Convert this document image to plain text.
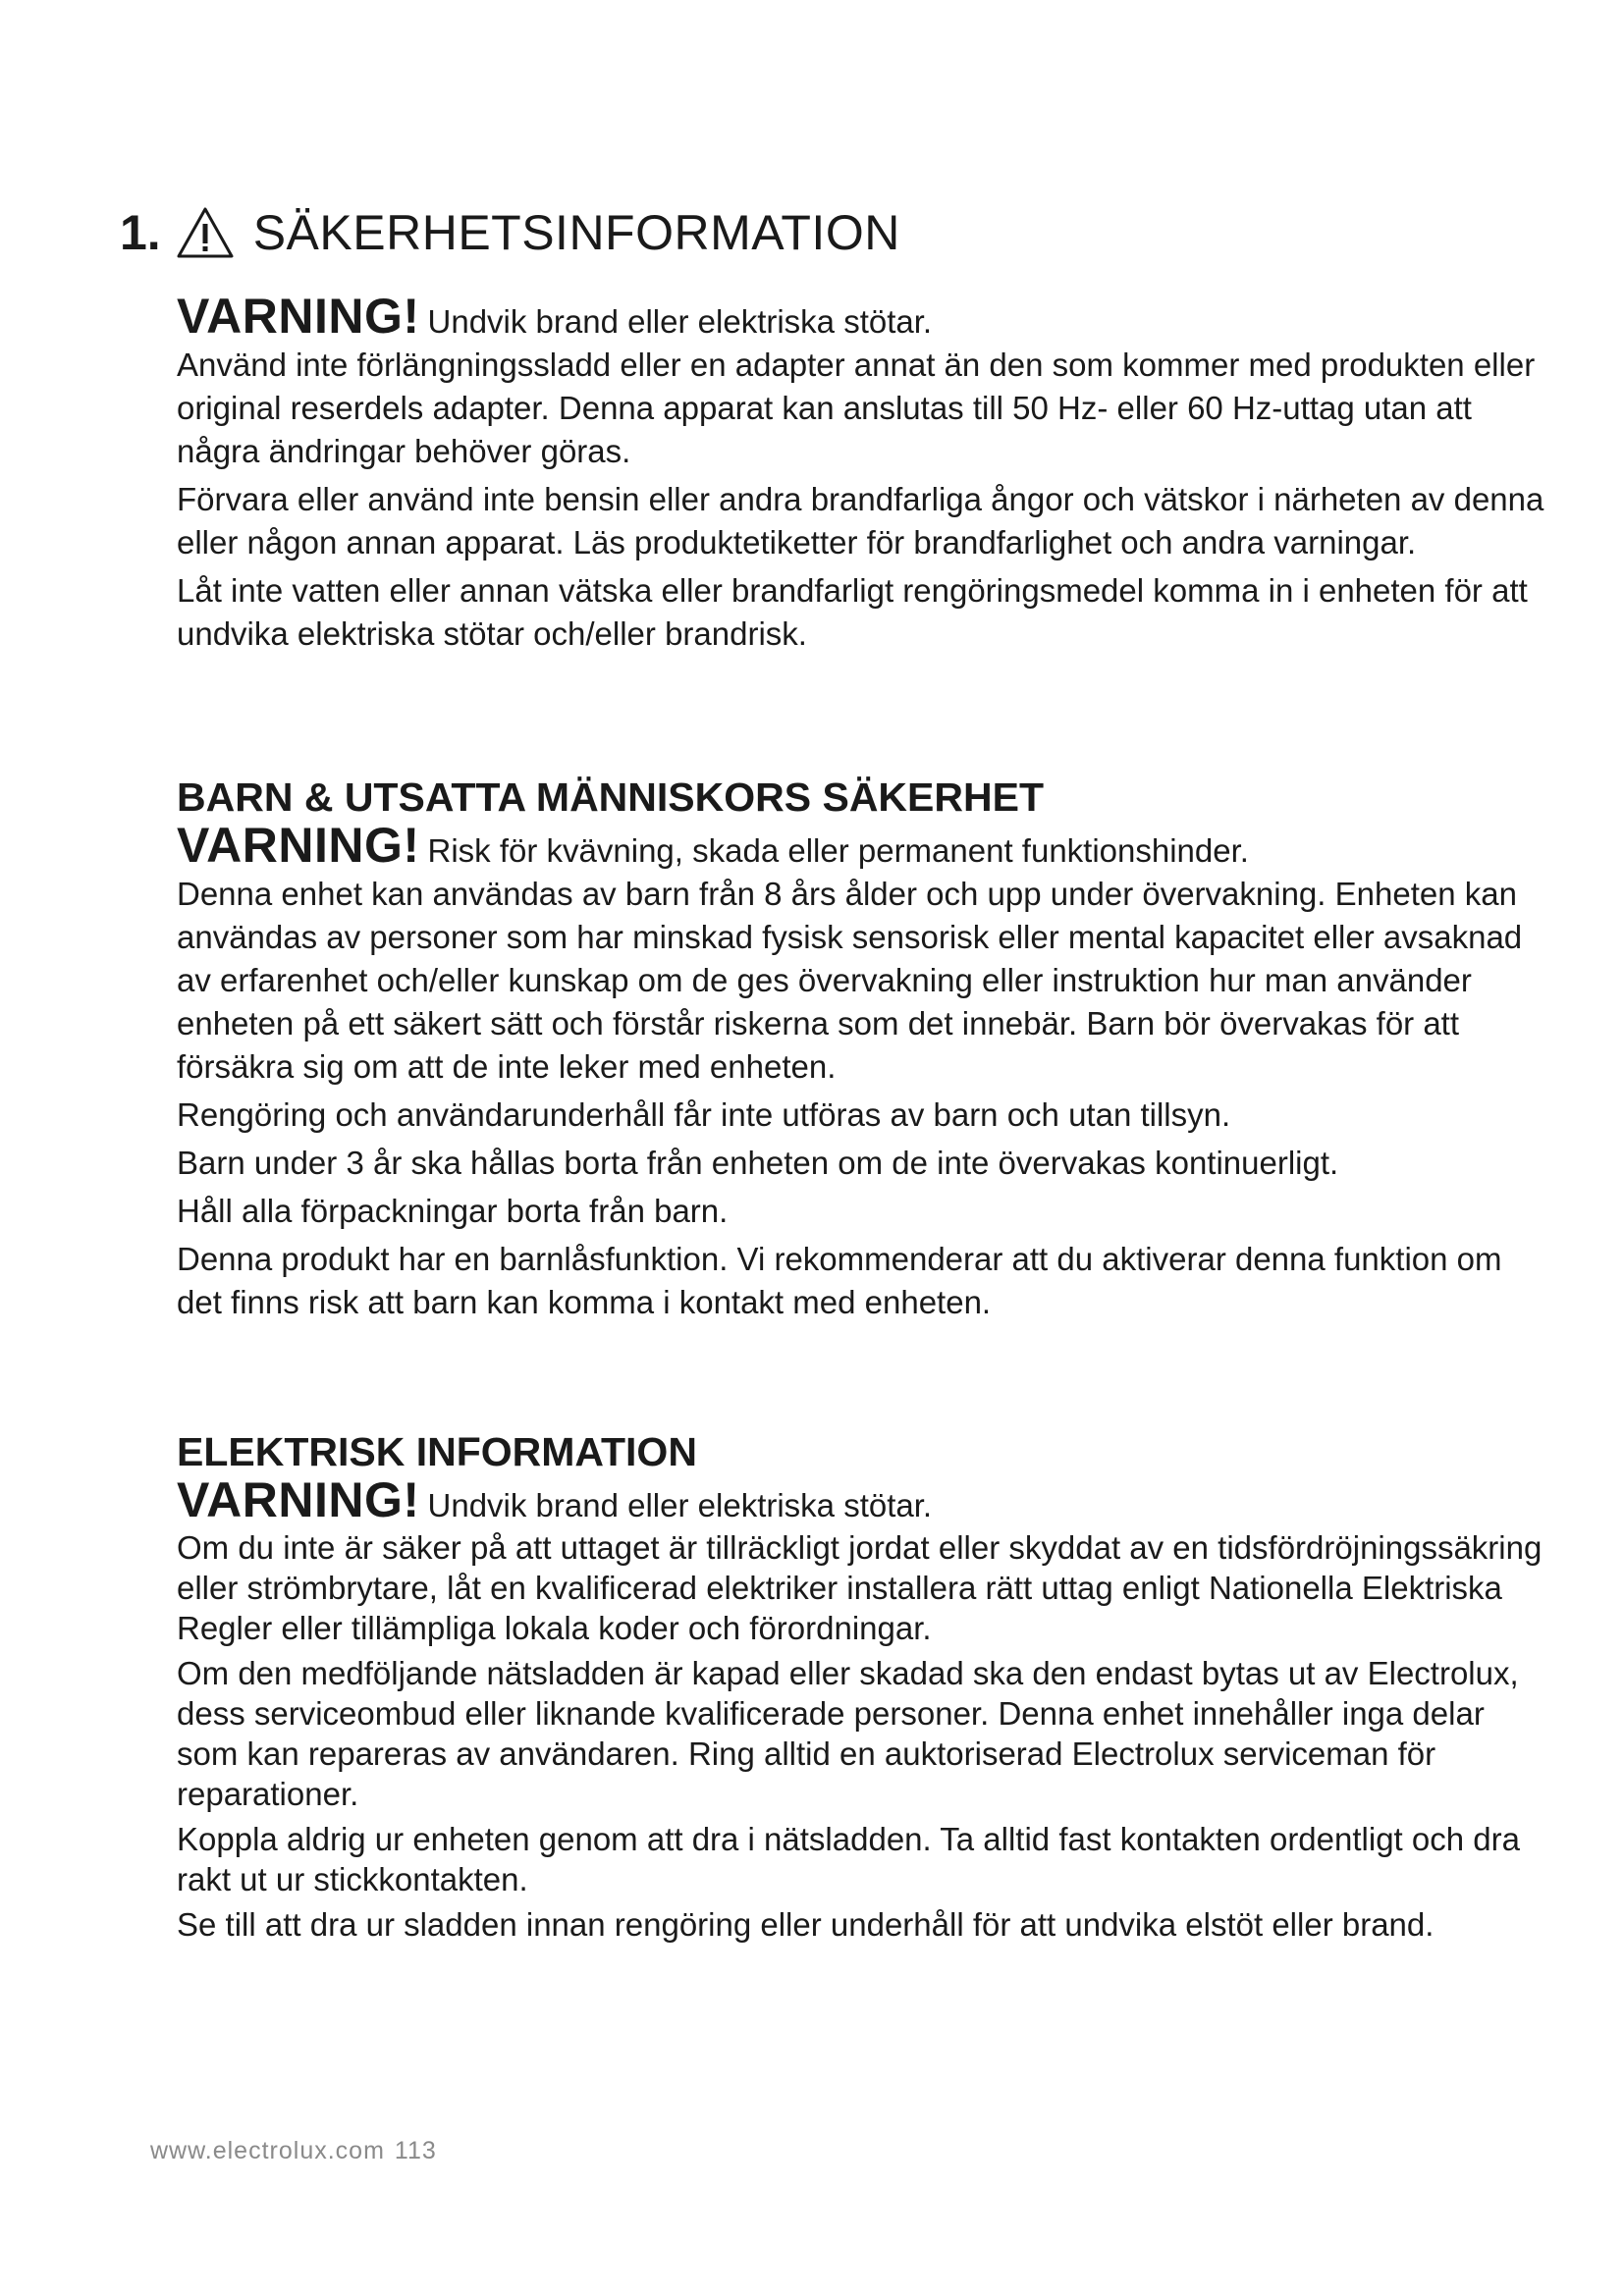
1. SÄKERHETSINFORMATION
VARNING! Undvik brand eller elektriska stötar.

Använd inte förlängningssladd eller en adapter annat än den som kommer med produkten eller original reserdels adapter. Denna apparat kan anslutas till 50 Hz- eller 60 Hz-uttag utan att några ändringar behöver göras.

Förvara eller använd inte bensin eller andra brandfarliga ångor och vätskor i närheten av denna eller någon annan apparat. Läs produktetiketter för brandfarlighet och andra varningar.

Låt inte vatten eller annan vätska eller brandfarligt rengöringsmedel komma in i enheten för att undvika elektriska stötar och/eller brandrisk.

BARN & UTSATTA MÄNNISKORS SÄKERHET
VARNING! Risk för kvävning, skada eller permanent funktionshinder.

Denna enhet kan användas av barn från 8 års ålder och upp under övervakning. Enheten kan användas av personer som har minskad fysisk sensorisk eller mental kapacitet eller avsaknad av erfarenhet och/eller kunskap om de ges övervakning eller instruktion hur man använder enheten på ett säkert sätt och förstår riskerna som det innebär. Barn bör övervakas för att försäkra sig om att de inte leker med enheten.

Rengöring och användarunderhåll får inte utföras av barn och utan tillsyn.

Barn under 3 år ska hållas borta från enheten om de inte övervakas kontinuerligt.

Håll alla förpackningar borta från barn.

Denna produkt har en barnlåsfunktion. Vi rekommenderar att du aktiverar denna funktion om det finns risk att barn kan komma i kontakt med enheten.

ELEKTRISK INFORMATION
VARNING! Undvik brand eller elektriska stötar.

Om du inte är säker på att uttaget är tillräckligt jordat eller skyddat av en tidsfördröjningssäkring eller strömbrytare, låt en kvalificerad elektriker installera rätt uttag enligt Nationella Elektriska Regler eller tillämpliga lokala koder och förordningar.

Om den medföljande nätsladden är kapad eller skadad ska den endast bytas ut av Electrolux, dess serviceombud eller liknande kvalificerade personer. Denna enhet innehåller inga delar som kan repareras av användaren. Ring alltid en auktoriserad Electrolux serviceman för reparationer.

Koppla aldrig ur enheten genom att dra i nätsladden. Ta alltid fast kontakten ordentligt och dra rakt ut ur stickkontakten.

Se till att dra ur sladden innan rengöring eller underhåll för att undvika elstöt eller brand.

www.electrolux.com 113
